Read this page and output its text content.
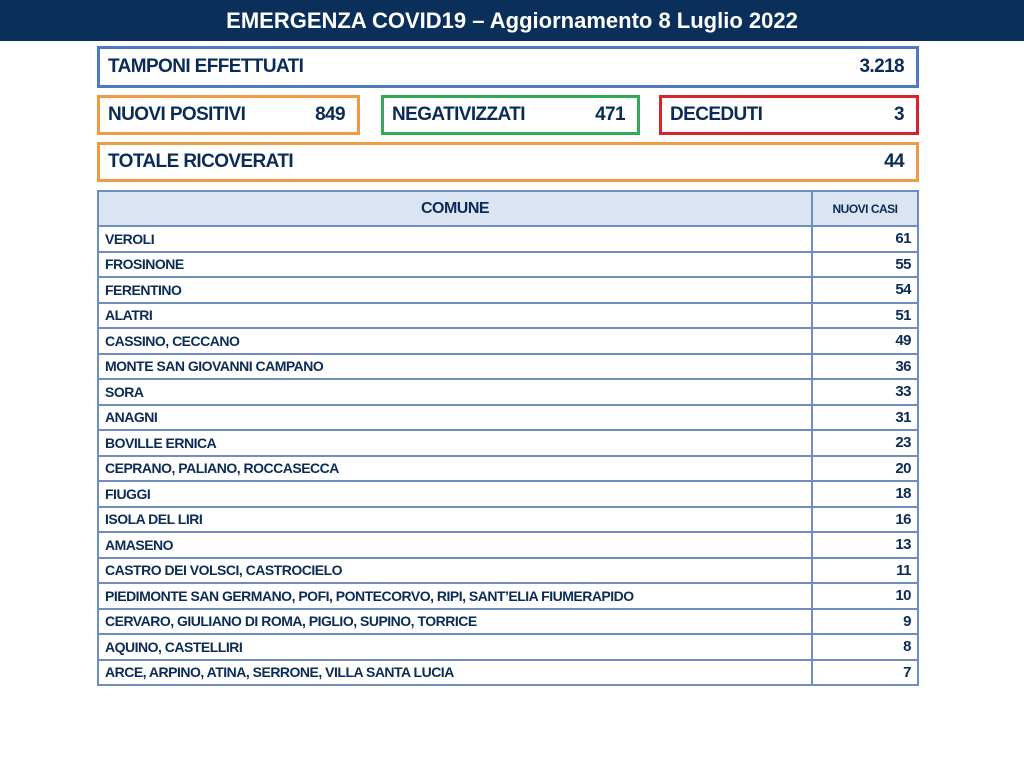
EMERGENZA COVID19 – Aggiornamento 8 Luglio 2022
TAMPONI EFFETTUATI	3.218
NUOVI POSITIVI	849 NEGATIVIZZATI	471 DECEDUTI	3
TOTALE RICOVERATI	44
COMUNE	NUOVI CASI
VEROLI	61
FROSINONE	55
FERENTINO	54
ALATRI	51
CASSINO, CECCANO	49
MONTE SAN GIOVANNI CAMPANO	36
SORA	33
ANAGNI	31
BOVILLE ERNICA	23
CEPRANO, PALIANO, ROCCASECCA	20
FIUGGI	18
ISOLA DEL LIRI	16
AMASENO	13
CASTRO DEI VOLSCI, CASTROCIELO	11
PIEDIMONTE SAN GERMANO, POFI, PONTECORVO, RIPI, SANT’ELIA FIUMERAPIDO	10
CERVARO, GIULIANO DI ROMA, PIGLIO, SUPINO, TORRICE	9
AQUINO, CASTELLIRI	8
ARCE, ARPINO, ATINA, SERRONE, VILLA SANTA LUCIA	7
